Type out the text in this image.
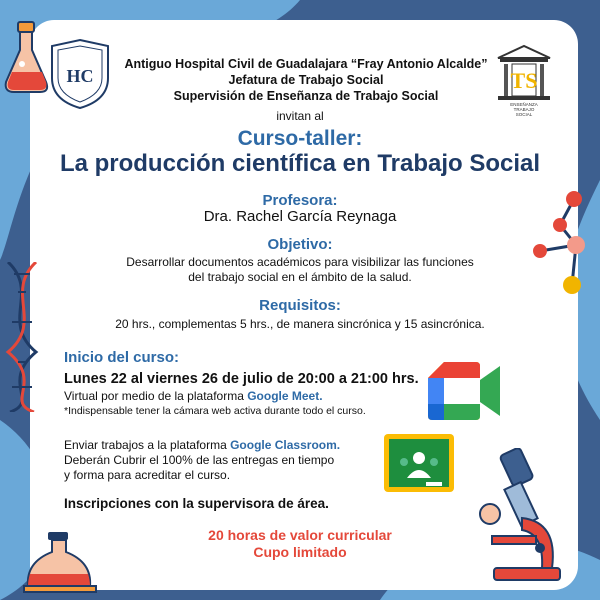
HC	TS
ENSEÑANZA
TRABAJO
SOCIAL
Antiguo Hospital Civil de Guadalajara “Fray Antonio Alcalde”
Jefatura de Trabajo Social
Supervisión de Enseñanza de Trabajo Social
invitan al
Curso-taller:
La producción científica en Trabajo Social
Profesora:
Dra. Rachel García Reynaga
Objetivo:
Desarrollar documentos académicos para visibilizar las funciones
del trabajo social en el ámbito de la salud.
Requisitos:
20 hrs., complementas 5 hrs., de manera sincrónica y 15 asincrónica.
Inicio del curso:
Lunes 22 al viernes 26 de julio de 20:00 a 21:00 hrs.
Virtual por medio de la plataforma Google Meet.
*Indispensable tener la cámara web activa durante todo el curso.
Enviar trabajos a la plataforma Google Classroom.
Deberán Cubrir el 100% de las entregas en tiempo
y forma para acreditar el curso.
Inscripciones con la supervisora de área.
20 horas de valor curricular
Cupo limitado
